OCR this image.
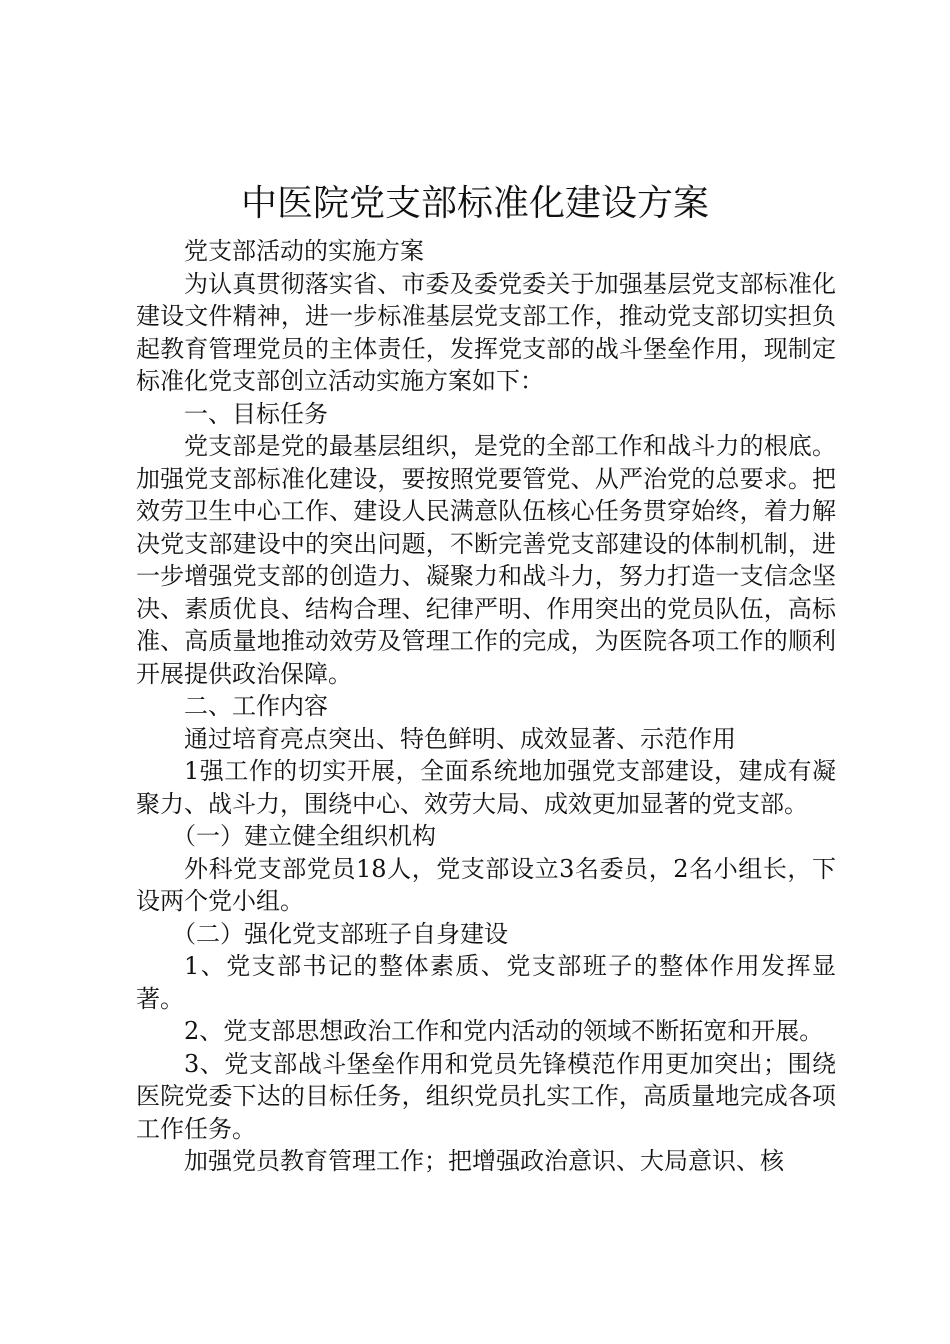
中医院党支部标准化建设方案

党支部活动的实施方案

为认真贯彻落实省、市委及委党委关于加强基层党支部标准化建设文件精神，进一步标准基层党支部工作，推动党支部切实担负起教育管理党员的主体责任，发挥党支部的战斗堡垒作用，现制定标准化党支部创立活动实施方案如下：

一、目标任务

党支部是党的最基层组织，是党的全部工作和战斗力的根底。加强党支部标准化建设，要按照党要管党、从严治党的总要求。把效劳卫生中心工作、建设人民满意队伍核心任务贯穿始终，着力解决党支部建设中的突出问题，不断完善党支部建设的体制机制，进一步增强党支部的创造力、凝聚力和战斗力，努力打造一支信念坚决、素质优良、结构合理、纪律严明、作用突出的党员队伍，高标准、高质量地推动效劳及管理工作的完成，为医院各项工作的顺利开展提供政治保障。

二、工作内容

通过培育亮点突出、特色鲜明、成效显著、示范作用

1强工作的切实开展，全面系统地加强党支部建设，建成有凝聚力、战斗力，围绕中心、效劳大局、成效更加显著的党支部。

（一）建立健全组织机构

外科党支部党员18人，党支部设立3名委员，2名小组长，下设两个党小组。

（二）强化党支部班子自身建设

1、党支部书记的整体素质、党支部班子的整体作用发挥显著。

2、党支部思想政治工作和党内活动的领域不断拓宽和开展。

3、党支部战斗堡垒作用和党员先锋模范作用更加突出；围绕医院党委下达的目标任务，组织党员扎实工作，高质量地完成各项工作任务。

加强党员教育管理工作；把增强政治意识、大局意识、核
